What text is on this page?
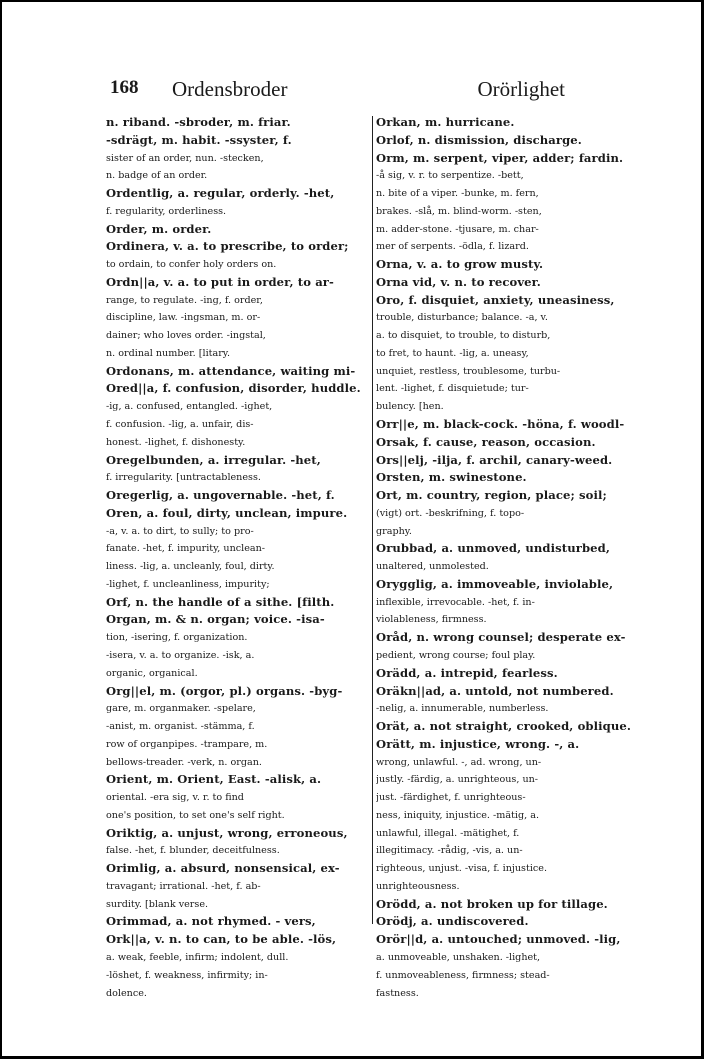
168 Ordensbroder	Orörlighet
n. riband. -sbroder, m. friar.
-sdrägt, m. habit. -ssyster, f.
sister of an order, nun. -stecken,
n. badge of an order.
Ordentlig, a. regular, orderly. -het,
f. regularity, orderliness.
Order, m. order.
Ordinera, v. a. to prescribe, to order;
to ordain, to confer holy orders on.
Ordn||a, v. a. to put in order, to ar-
range, to regulate. -ing, f. order,
discipline, law. -ingsman, m. or-
dainer; who loves order. -ingstal,
n. ordinal number. [litary.
Ordonans, m. attendance, waiting mi-
Ored||a, f. confusion, disorder, huddle.
-ig, a. confused, entangled. -ighet,
f. confusion. -lig, a. unfair, dis-
honest. -lighet, f. dishonesty.
Oregelbunden, a. irregular. -het,
f. irregularity. [untractableness.
Oregerlig, a. ungovernable. -het, f.
Oren, a. foul, dirty, unclean, impure.
-a, v. a. to dirt, to sully; to pro-
fanate. -het, f. impurity, unclean-
liness. -lig, a. uncleanly, foul, dirty.
-lighet, f. uncleanliness, impurity;
Orf, n. the handle of a sithe. [filth.
Organ, m. & n. organ; voice. -isa-
tion, -isering, f. organization.
-isera, v. a. to organize. -isk, a.
organic, organical.
Org||el, m. (orgor, pl.) organs. -byg-
gare, m. organmaker. -spelare,
-anist, m. organist. -stämma, f.
row of organpipes. -trampare, m.
bellows-treader. -verk, n. organ.
Orient, m. Orient, East. -alisk, a.
oriental. -era sig, v. r. to find
one's position, to set one's self right.
Oriktig, a. unjust, wrong, erroneous,
false. -het, f. blunder, deceitfulness.
Orimlig, a. absurd, nonsensical, ex-
travagant; irrational. -het, f. ab-
surdity. [blank verse.
Orimmad, a. not rhymed. - vers,
Ork||a, v. n. to can, to be able. -lös,
a. weak, feeble, infirm; indolent, dull.
-löshet, f. weakness, infirmity; in-
dolence.
Orkan, m. hurricane.
Orlof, n. dismission, discharge.
Orm, m. serpent, viper, adder; fardin.
-å sig, v. r. to serpentize. -bett,
n. bite of a viper. -bunke, m. fern,
brakes. -slå, m. blind-worm. -sten,
m. adder-stone. -tjusare, m. char-
mer of serpents. -ödla, f. lizard.
Orna, v. a. to grow musty.
Orna vid, v. n. to recover.
Oro, f. disquiet, anxiety, uneasiness,
trouble, disturbance; balance. -a, v.
a. to disquiet, to trouble, to disturb,
to fret, to haunt. -lig, a. uneasy,
unquiet, restless, troublesome, turbu-
lent. -lighet, f. disquietude; tur-
bulency. [hen.
Orr||e, m. black-cock. -höna, f. woodl-
Orsak, f. cause, reason, occasion.
Ors||elj, -ilja, f. archil, canary-weed.
Orsten, m. swinestone.
Ort, m. country, region, place; soil;
(vigt) ort. -beskrifning, f. topo-
graphy.
Orubbad, a. unmoved, undisturbed,
unaltered, unmolested.
Orygglig, a. immoveable, inviolable,
inflexible, irrevocable. -het, f. in-
violableness, firmness.
Oråd, n. wrong counsel; desperate ex-
pedient, wrong course; foul play.
Orädd, a. intrepid, fearless.
Oräkn||ad, a. untold, not numbered.
-nelig, a. innumerable, numberless.
Orät, a. not straight, crooked, oblique.
Orätt, m. injustice, wrong. -, a.
wrong, unlawful. -, ad. wrong, un-
justly. -färdig, a. unrighteous, un-
just. -färdighet, f. unrighteous-
ness, iniquity, injustice. -mätig, a.
unlawful, illegal. -mätighet, f.
illegitimacy. -rådig, -vis, a. un-
righteous, unjust. -visa, f. injustice.
unrighteousness.
Orödd, a. not broken up for tillage.
Orödj, a. undiscovered.
Orör||d, a. untouched; unmoved. -lig,
a. unmoveable, unshaken. -lighet,
f. unmoveableness, firmness; stead-
fastness.
